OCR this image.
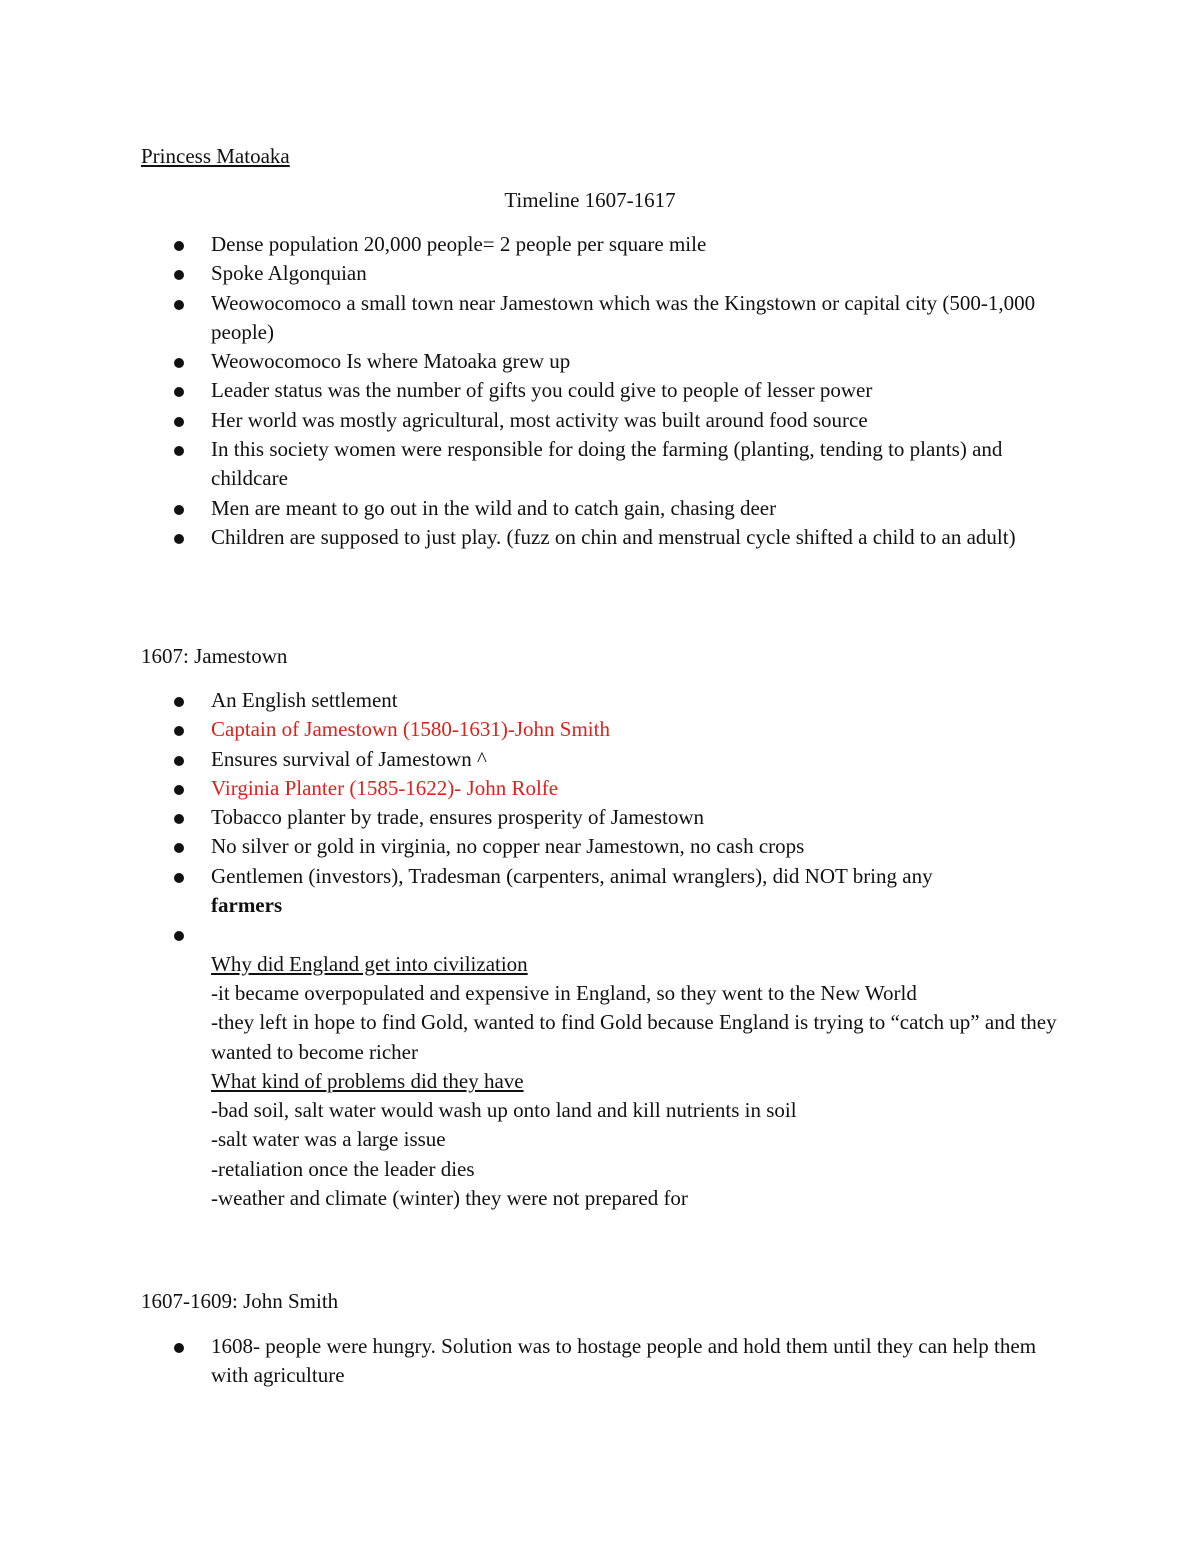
Princess Matoaka
Timeline 1607-1617
Dense population 20,000 people= 2 people per square mile
Spoke Algonquian
Weowocomoco a small town near Jamestown which was the Kingstown or capital city (500-1,000 people)
Weowocomoco Is where Matoaka grew up
Leader status was the number of gifts you could give to people of lesser power
Her world was mostly agricultural, most activity was built around food source
In this society women were responsible for doing the farming (planting, tending to plants) and childcare
Men are meant to go out in the wild and to catch gain, chasing deer
Children are supposed to just play. (fuzz on chin and menstrual cycle shifted a child to an adult)
1607: Jamestown
An English settlement
Captain of Jamestown (1580-1631)-John Smith
Ensures survival of Jamestown ^
Virginia Planter (1585-1622)- John Rolfe
Tobacco planter by trade, ensures prosperity of Jamestown
No silver or gold in virginia, no copper near Jamestown, no cash crops
Gentlemen (investors), Tradesman (carpenters, animal wranglers), did NOT bring any
farmers

Why did England get into civilization
-it became overpopulated and expensive in England, so they went to the New World
-they left in hope to find Gold, wanted to find Gold because England is trying to “catch up” and they wanted to become richer
What kind of problems did they have
-bad soil, salt water would wash up onto land and kill nutrients in soil
-salt water was a large issue
-retaliation once the leader dies
-weather and climate (winter) they were not prepared for
1607-1609: John Smith
1608- people were hungry. Solution was to hostage people and hold them until they can help them with agriculture
